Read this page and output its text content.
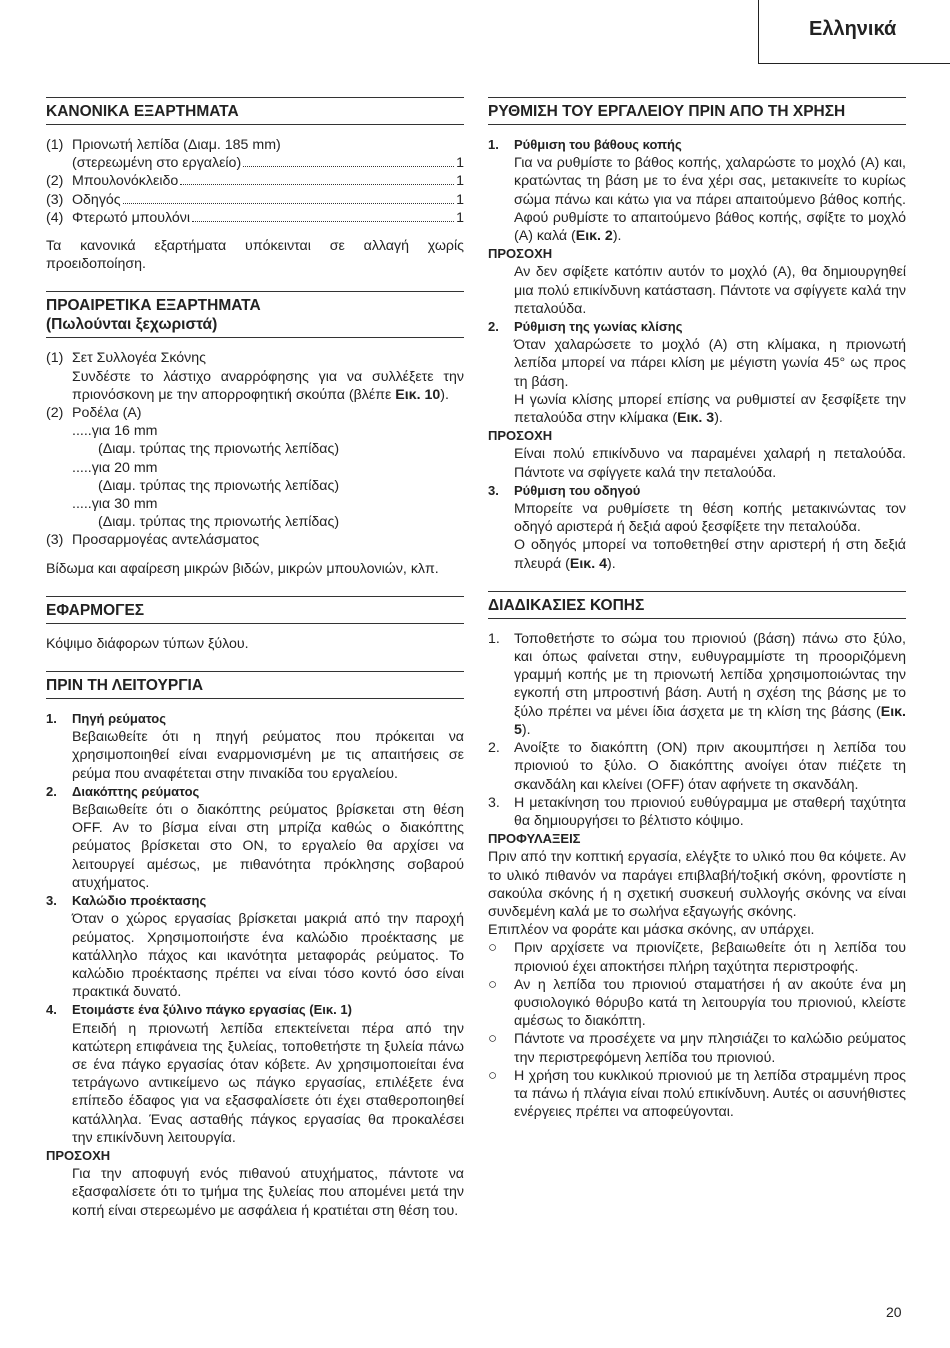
Ελληνικά
ΚΑΝΟΝΙΚΑ ΕΞΑΡΤΗΜΑΤΑ
(1) Πριονωτή λεπίδα (Διαμ. 185 mm)
(στερεωμένη στο εργαλείο)	1
(2) Μπουλονόκλειδο	1
(3) Οδηγός	1
(4) Φτερωτό μπουλόνι	1

Τα κανονικά εξαρτήματα υπόκεινται σε αλλαγή χωρίς προειδοποίηση.

ΠΡΟΑΙΡΕΤΙΚΑ ΕΞΑΡΤΗΜΑΤΑ
(Πωλούνται ξεχωριστά)
(1) Σετ Συλλογέα Σκόνης

Συνδέστε το λάστιχο αναρρόφησης για να συλλέξετε την πριονόσκονη με την απορροφητική σκούπα (βλέπε Εικ. 10).

(2) Ροδέλα (A)
.....για 16 mm
(Διαμ. τρύπας της πριονωτής λεπίδας)
.....για 20 mm
(Διαμ. τρύπας της πριονωτής λεπίδας)
.....για 30 mm
(Διαμ. τρύπας της πριονωτής λεπίδας)
(3) Προσαρμογέας αντελάσματος

Βίδωμα και αφαίρεση μικρών βιδών, μικρών μπουλονιών, κλπ.

ΕΦΑΡΜΟΓΕΣ

Κόψιμο διάφορων τύπων ξύλου.

ΠΡΙΝ ΤΗ ΛΕΙΤΟΥΡΓΙΑ
1. Πηγή ρεύματος

Βεβαιωθείτε ότι η πηγή ρεύματος που πρόκειται να χρησιμοποιηθεί είναι εναρμονισμένη με τις απαιτήσεις σε ρεύμα που αναφέτεται στην πινακίδα του εργαλείου.

2. Διακόπτης ρεύματος

Βεβαιωθείτε ότι ο διακόπτης ρεύματος βρίσκεται στη θέση OFF. Αν το βίσμα είναι στη μπρίζα καθώς ο διακόπτης ρεύματος βρίσκεται στο ON, το εργαλείο θα αρχίσει να λειτουργεί αμέσως, με πιθανότητα πρόκλησης σοβαρού ατυχήματος.

3. Καλώδιο προέκτασης

Όταν ο χώρος εργασίας βρίσκεται μακριά από την παροχή ρεύματος. Χρησιμοποιήστε ένα καλώδιο προέκτασης με κατάλληλο πάχος και ικανότητα μεταφοράς ρεύματος. Το καλώδιο προέκτασης πρέπει να είναι τόσο κοντό όσο είναι πρακτικά δυνατό.

4. Ετοιμάστε ένα ξύλινο πάγκο εργασίας (Εικ. 1)

Επειδή η πριονωτή λεπίδα επεκτείνεται πέρα από την κατώτερη επιφάνεια της ξυλείας, τοποθετήστε τη ξυλεία πάνω σε ένα πάγκο εργασίας όταν κόβετε. Αν χρησιμοποιείται ένα τετράγωνο αντικείμενο ως πάγκο εργασίας, επιλέξετε ένα επίπεδο έδαφος για να εξασφαλίσετε ότι έχει σταθεροποιηθεί κατάλληλα. Ένας ασταθής πάγκος εργασίας θα προκαλέσει την επικίνδυνη λειτουργία.

ΠΡΟΣΟΧΗ

Για την αποφυγή ενός πιθανού ατυχήματος, πάντοτε να εξασφαλίσετε ότι το τμήμα της ξυλείας που απομένει μετά την κοπή είναι στερεωμένο με ασφάλεια ή κρατιέται στη θέση του.

ΡΥΘΜΙΣΗ ΤΟΥ ΕΡΓΑΛΕΙΟΥ ΠΡΙΝ ΑΠΟ ΤΗ ΧΡΗΣΗ
1. Ρύθμιση του βάθους κοπής

Για να ρυθμίστε το βάθος κοπής, χαλαρώστε το μοχλό (A) και, κρατώντας τη βάση με το ένα χέρι σας, μετακινείτε το κυρίως σώμα πάνω και κάτω για να πάρει απαιτούμενο βάθος κοπής. Αφού ρυθμίστε το απαιτούμενο βάθος κοπής, σφίξτε το μοχλό (A) καλά (Εικ. 2).

ΠΡΟΣΟΧΗ

Αν δεν σφίξετε κατόπιν αυτόν το μοχλό (A), θα δημιουργηθεί μια πολύ επικίνδυνη κατάσταση. Πάντοτε να σφίγγετε καλά την πεταλούδα.

2. Ρύθμιση της γωνίας κλίσης

Όταν χαλαρώσετε το μοχλό (A) στη κλίμακα, η πριονωτή λεπίδα μπορεί να πάρει κλίση με μέγιστη γωνία 45° ως προς τη βάση.

Η γωνία κλίσης μπορεί επίσης να ρυθμιστεί αν ξεσφίξετε την πεταλούδα στην κλίμακα (Εικ. 3).

ΠΡΟΣΟΧΗ

Είναι πολύ επικίνδυνο να παραμένει χαλαρή η πεταλούδα. Πάντοτε να σφίγγετε καλά την πεταλούδα.

3. Ρύθμιση του οδηγού

Μπορείτε να ρυθμίσετε τη θέση κοπής μετακινώντας τον οδηγό αριστερά ή δεξιά αφού ξεσφίξετε την πεταλούδα.

Ο οδηγός μπορεί να τοποθετηθεί στην αριστερή ή στη δεξιά πλευρά (Εικ. 4).

ΔΙΑΔΙΚΑΣΙΕΣ ΚΟΠΗΣ
1. Τοποθετήστε το σώμα του πριονιού (βάση) πάνω στο ξύλο, και όπως φαίνεται στην, ευθυγραμμίστε τη προοριζόμενη γραμμή κοπής με τη πριονωτή λεπίδα χρησιμοποιώντας την εγκοπή στη μπροστινή βάση. Αυτή η σχέση της βάσης με το ξύλο πρέπει να μένει ίδια άσχετα με τη κλίση της βάσης (Εικ. 5).
2. Ανοίξτε το διακόπτη (ON) πριν ακουμπήσει η λεπίδα του πριονιού το ξύλο. Ο διακόπτης ανοίγει όταν πιέζετε τη σκανδάλη και κλείνει (OFF) όταν αφήνετε τη σκανδάλη.
3. Η μετακίνηση του πριονιού ευθύγραμμα με σταθερή ταχύτητα θα δημιουργήσει το βέλτιστο κόψιμο.
ΠΡΟΦΥΛΑΞΕΙΣ

Πριν από την κοπτική εργασία, ελέγξτε το υλικό που θα κόψετε. Αν το υλικό πιθανόν να παράγει επιβλαβή/τοξική σκόνη, φροντίστε η σακούλα σκόνης ή η σχετική συσκευή συλλογής σκόνης να είναι συνδεμένη καλά με το σωλήνα εξαγωγής σκόνης.

Επιπλέον να φοράτε και μάσκα σκόνης, αν υπάρχει.

○	Πριν αρχίσετε να πριονίζετε, βεβαιωθείτε ότι η λεπίδα του πριονιού έχει αποκτήσει πλήρη ταχύτητα περιστροφής.
○	Αν η λεπίδα του πριονιού σταματήσει ή αν ακούτε ένα μη φυσιολογικό θόρυβο κατά τη λειτουργία του πριονιού, κλείστε αμέσως το διακόπτη.
○	Πάντοτε να προσέχετε να μην πλησιάζει το καλώδιο ρεύματος την περιστρεφόμενη λεπίδα του πριονιού.
○	Η χρήση του κυκλικού πριονιού με τη λεπίδα στραμμένη προς τα πάνω ή πλάγια είναι πολύ επικίνδυνη. Αυτές οι ασυνήθιστες ενέργειες πρέπει να αποφεύγονται.
20
